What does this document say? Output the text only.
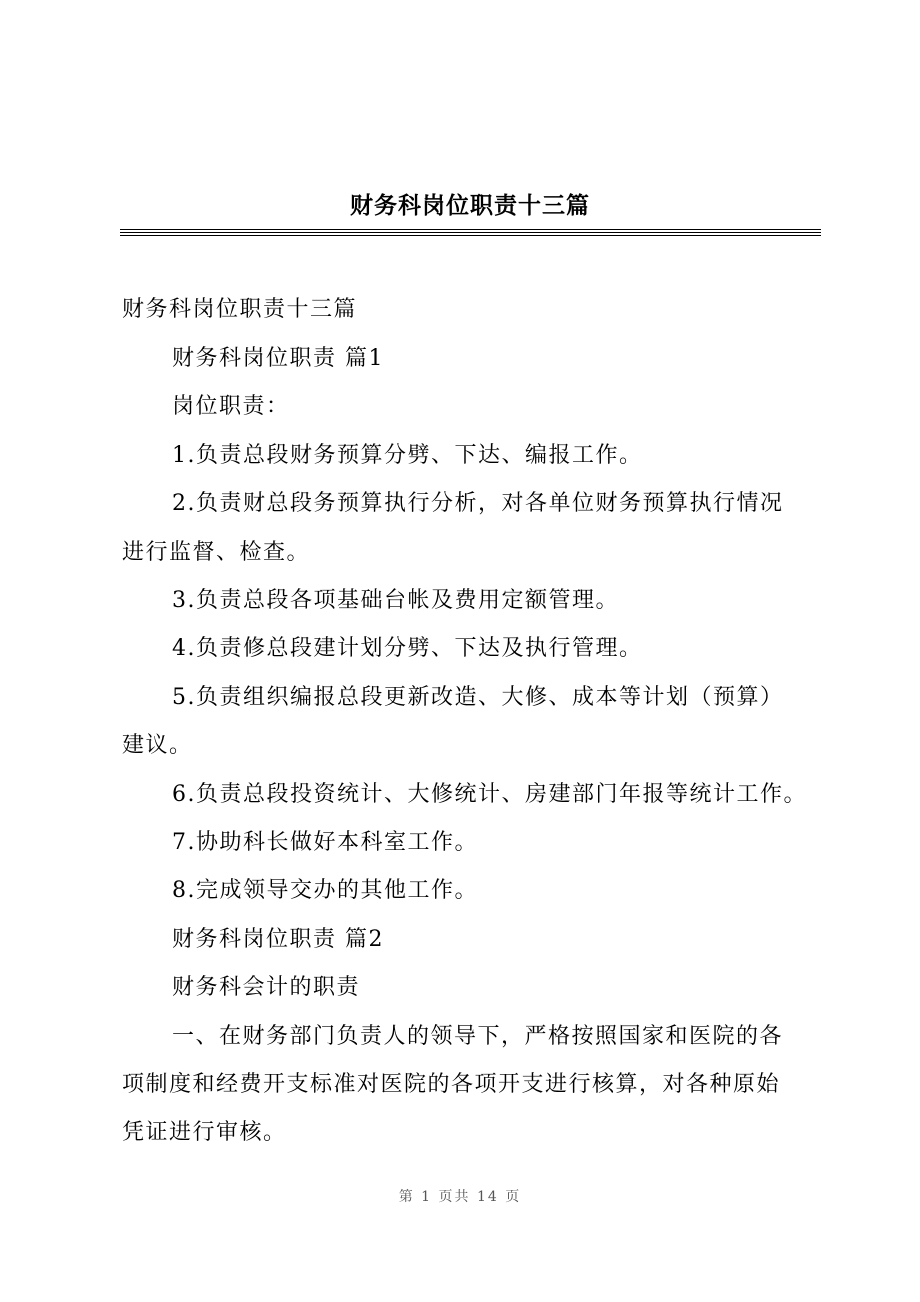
财务科岗位职责十三篇
财务科岗位职责十三篇
财务科岗位职责 篇1
岗位职责：
1.负责总段财务预算分劈、下达、编报工作。
2.负责财总段务预算执行分析，对各单位财务预算执行情况
进行监督、检查。
3.负责总段各项基础台帐及费用定额管理。
4.负责修总段建计划分劈、下达及执行管理。
5.负责组织编报总段更新改造、大修、成本等计划（预算）
建议。
6.负责总段投资统计、大修统计、房建部门年报等统计工作。
7.协助科长做好本科室工作。
8.完成领导交办的其他工作。
财务科岗位职责 篇2
财务科会计的职责
一、在财务部门负责人的领导下，严格按照国家和医院的各
项制度和经费开支标准对医院的各项开支进行核算，对各种原始
凭证进行审核。
第 1 页共 14 页
